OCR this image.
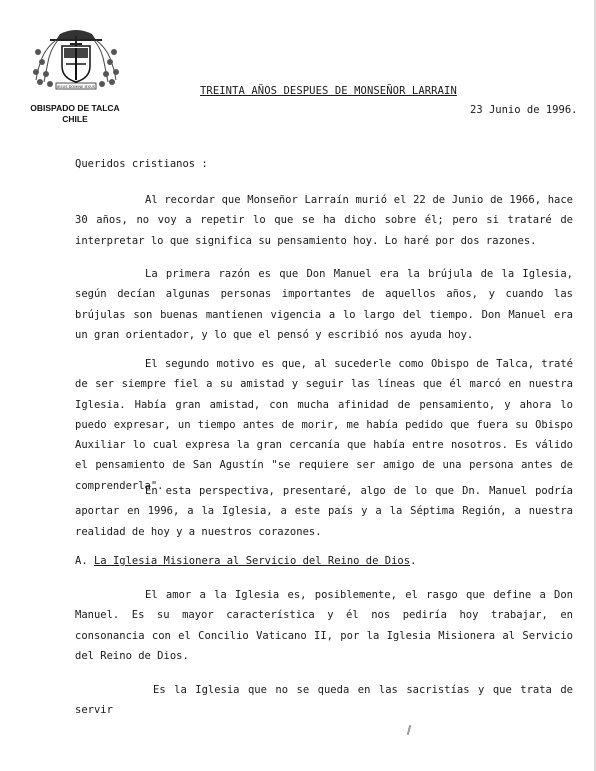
IESUS DOMINE IESUS
OBISPADO DE TALCA
CHILE
TREINTA AÑOS DESPUES DE MONSEÑOR LARRAIN
23 Junio de 1996.
Queridos cristianos :
Al recordar que Monseñor Larraín murió el 22 de Junio de 1966, hace 30 años, no voy a repetir lo que se ha dicho sobre él; pero si trataré de interpretar lo que significa su pensamiento hoy. Lo haré por dos razones.
La primera razón es que Don Manuel era la brújula de la Iglesia, según decían algunas personas importantes de aquellos años, y cuando las brújulas son buenas mantienen vigencia a lo largo del tiempo. Don Manuel era un gran orientador, y lo que el pensó y escribió nos ayuda hoy.
El segundo motivo es que, al sucederle como Obispo de Talca, traté de ser siempre fiel a su amistad y seguir las líneas que él marcó en nuestra Iglesia. Había gran amistad, con mucha afinidad de pensamiento, y ahora lo puedo expresar, un tiempo antes de morir, me había pedido que fuera su Obispo Auxiliar lo cual expresa la gran cercanía que había entre nosotros. Es válido el pensamiento de San Agustín "se requiere ser amigo de una persona antes de comprenderla".
En esta perspectiva, presentaré, algo de lo que Dn. Manuel podría aportar en 1996, a la Iglesia, a este país y a la Séptima Región, a nuestra realidad de hoy y a nuestros corazones.
A. La Iglesia Misionera al Servicio del Reino de Dios.
El amor a la Iglesia es, posiblemente, el rasgo que define a Don Manuel. Es su mayor característica y él nos pediría hoy trabajar, en consonancia con el Concilio Vaticano II, por la Iglesia Misionera al Servicio del Reino de Dios.
Es la Iglesia que no se queda en las sacristías y que trata de servir
